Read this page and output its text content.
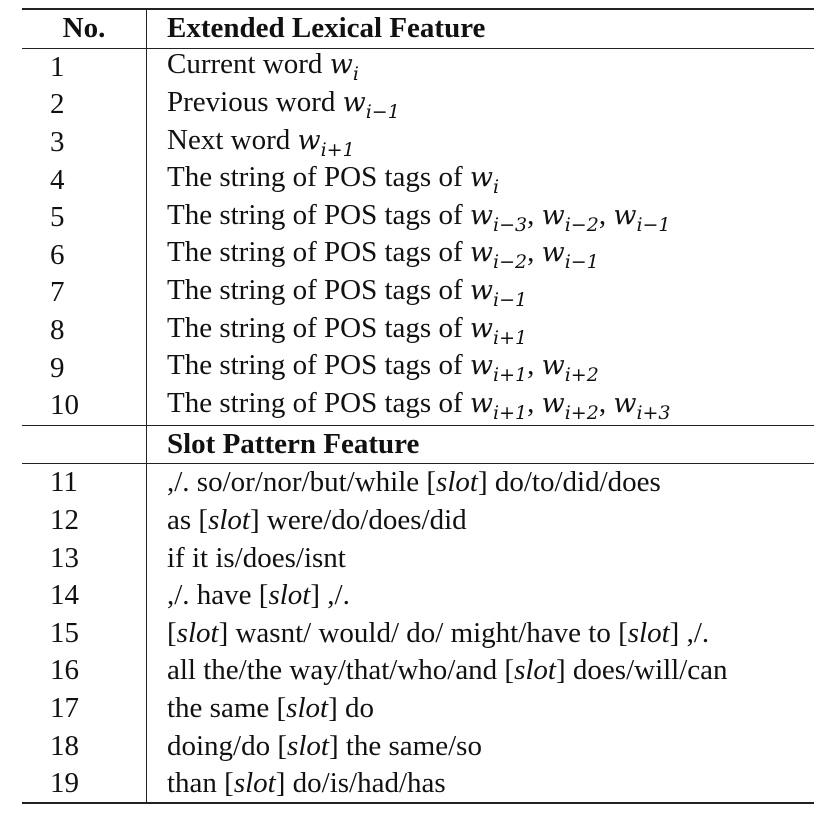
No.	Extended Lexical Feature
1	Current word $w_i$
2	Previous word $w_{i-1}$
3	Next word $w_{i+1}$
4	The string of POS tags of $w_i$
5	The string of POS tags of $w_{i-3}$, $w_{i-2}$, $w_{i-1}$
6	The string of POS tags of $w_{i-2}$, $w_{i-1}$
7	The string of POS tags of $w_{i-1}$
8	The string of POS tags of $w_{i+1}$
9	The string of POS tags of $w_{i+1}$, $w_{i+2}$
10	The string of POS tags of $w_{i+1}$, $w_{i+2}$, $w_{i+3}$
	Slot Pattern Feature
11	,/. so/or/nor/but/while [slot] do/to/did/does
12	as [slot] were/do/does/did
13	if it is/does/isnt
14	,/. have [slot] ,/.
15	[slot] wasnt/ would/ do/ might/have to [slot] ,/.
16	all the/the way/that/who/and [slot] does/will/can
17	the same [slot] do
18	doing/do [slot] the same/so
19	than [slot] do/is/had/has
